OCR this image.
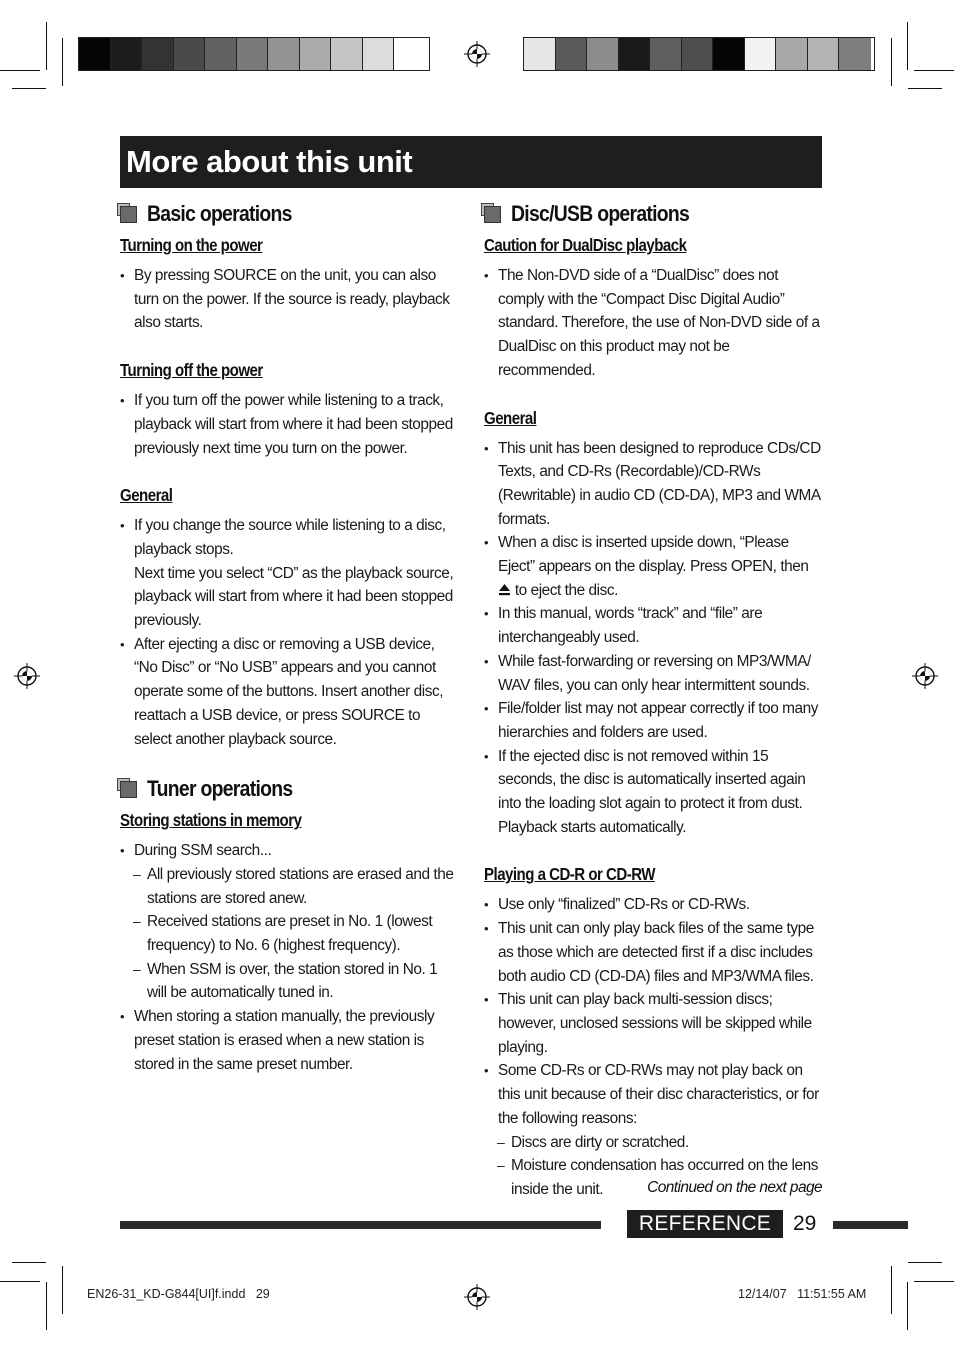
More about this unit
Basic operations
Turning on the power
• By pressing SOURCE on the unit, you can also turn on the power. If the source is ready, playback also starts.
Turning off the power
• If you turn off the power while listening to a track, playback will start from where it had been stopped previously next time you turn on the power.
General
• If you change the source while listening to a disc, playback stops.
Next time you select “CD” as the playback source, playback will start from where it had been stopped previously.
• After ejecting a disc or removing a USB device, “No Disc” or “No USB” appears and you cannot operate some of the buttons. Insert another disc, reattach a USB device, or press SOURCE to select another playback source.
Tuner operations
Storing stations in memory
• During SSM search...
– All previously stored stations are erased and the stations are stored anew.
– Received stations are preset in No. 1 (lowest frequency) to No. 6 (highest frequency).
– When SSM is over, the station stored in No. 1 will be automatically tuned in.
• When storing a station manually, the previously preset station is erased when a new station is stored in the same preset number.
Disc/USB operations
Caution for DualDisc playback
• The Non-DVD side of a “DualDisc” does not comply with the “Compact Disc Digital Audio” standard. Therefore, the use of Non-DVD side of a DualDisc on this product may not be recommended.
General
• This unit has been designed to reproduce CDs/CD Texts, and CD-Rs (Recordable)/CD-RWs (Rewritable) in audio CD (CD-DA), MP3 and WMA formats.
• When a disc is inserted upside down, “Please Eject” appears on the display. Press OPEN, then  to eject the disc.
• In this manual, words “track” and “file” are interchangeably used.
• While fast-forwarding or reversing on MP3/WMA/ WAV files, you can only hear intermittent sounds.
• File/folder list may not appear correctly if too many hierarchies and folders are used.
• If the ejected disc is not removed within 15 seconds, the disc is automatically inserted again into the loading slot again to protect it from dust. Playback starts automatically.
Playing a CD-R or CD-RW
• Use only “finalized” CD-Rs or CD-RWs.
• This unit can only play back files of the same type as those which are detected first if a disc includes both audio CD (CD-DA) files and MP3/WMA files.
• This unit can play back multi-session discs; however, unclosed sessions will be skipped while playing.
• Some CD-Rs or CD-RWs may not play back on this unit because of their disc characteristics, or for the following reasons:
– Discs are dirty or scratched.
– Moisture condensation has occurred on the lens inside the unit.	Continued on the next page
REFERENCE	29
EN26-31_KD-G844[UI]f.indd   29	12/14/07   11:51:55 AM
